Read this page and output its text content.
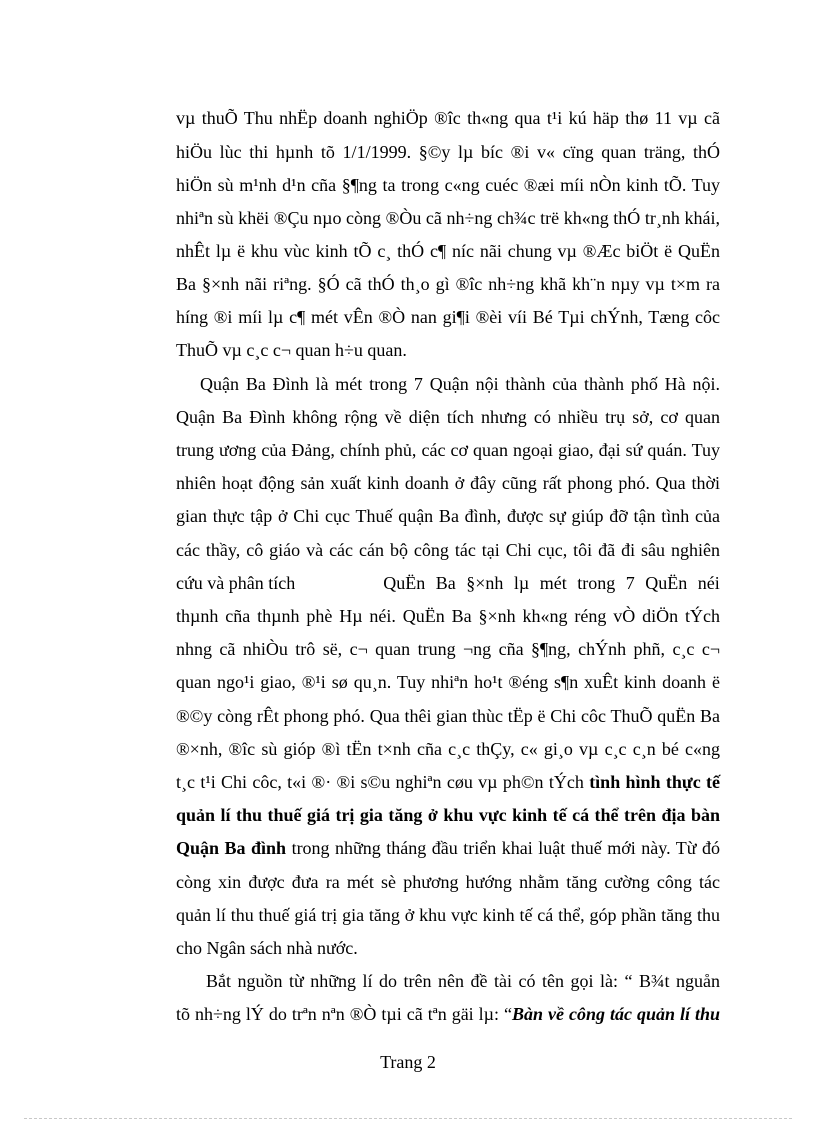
vµ thuÕ Thu nhËp doanh nghiÖp ®îc th«ng qua t¹i kú häp thø 11 vµ cã

hiÖu lùc thi hµnh tõ 1/1/1999. §©y lµ bíc ®i v« cïng quan träng, thÓ

hiÖn sù m¹nh d¹n cña §¶ng ta trong c«ng cuéc ®æi míi nÒn kinh tÕ. Tuy

nhiªn sù khëi ®Çu nµo còng ®Òu cã nh÷ng ch¾c trë kh«ng thÓ tr¸nh khái,

nhÊt lµ ë khu vùc kinh tÕ c¸ thÓ c¶ níc nãi chung vµ ®Æc biÖt ë QuËn

Ba §×nh nãi riªng. §Ó cã thÓ th¸o gì ®îc nh÷ng khã kh¨n nµy vµ t×m ra

híng ®i míi lµ c¶ mét vÊn ®Ò nan gi¶i ®èi víi Bé Tµi chÝnh, Tæng côc

ThuÕ vµ c¸c c¬ quan h÷u quan.

Quận Ba Đình là mét trong 7 Quận nội thành của thành phố Hà nội.

Quận Ba Đình không rộng về diện tích nhưng có nhiều trụ sở, cơ quan

trung ương của Đảng, chính phủ, các cơ quan ngoại giao, đại sứ quán. Tuy

nhiên hoạt động sản xuất kinh doanh ở đây cũng rất phong phó. Qua thời

gian thực tập ở Chi cục Thuế quận Ba đình, được sự giúp đỡ tận tình của

các thầy, cô giáo và các cán bộ công tác tại Chi cục, tôi đã đi sâu nghiên

cứu và phân tích	QuËn Ba §×nh lµ mét trong 7 QuËn néi

thµnh cña thµnh phè Hµ néi. QuËn Ba §×nh kh«ng réng vÒ diÖn tÝch

nhng cã nhiÒu trô së, c¬ quan trung ¬ng cña §¶ng, chÝnh phñ, c¸c c¬

quan ngo¹i giao, ®¹i sø qu¸n. Tuy nhiªn ho¹t ®éng s¶n xuÊt kinh doanh ë

®©y còng rÊt phong phó. Qua thêi gian thùc tËp ë Chi côc ThuÕ quËn Ba

®×nh, ®îc sù gióp ®ì tËn t×nh cña c¸c thÇy, c« gi¸o vµ c¸c c¸n bé c«ng

t¸c t¹i Chi côc, t«i ®· ®i s©u nghiªn cøu vµ ph©n tÝch tình hình thực tế

quản lí thu thuế giá trị gia tăng ở khu vực kinh tế cá thể trên địa bàn

Quận Ba đình trong những tháng đầu triển khai luật thuế mới này. Từ đó

còng xin được đưa ra mét sè phương hướng nhằm tăng cường công tác

quản lí thu thuế giá trị gia tăng ở khu vực kinh tế cá thể, góp phần tăng thu

cho Ngân sách nhà nước.

Bắt nguồn từ những lí do trên nên đề tài có tên gọi là: “ B¾t nguån

tõ nh÷ng lÝ do trªn nªn ®Ò tµi cã tªn gäi lµ: “Bàn về công tác quản lí thu

Trang 2
